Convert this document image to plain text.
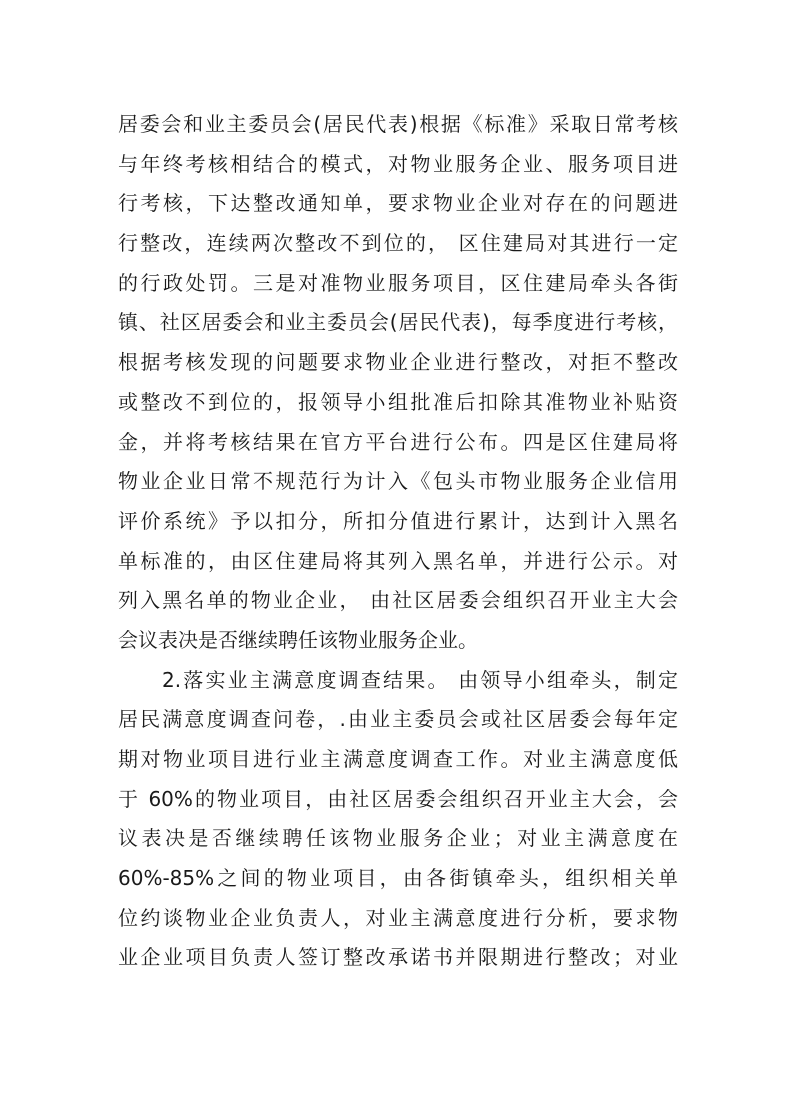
居委会和业主委员会(居民代表)根据《标准》采取日常考核
与年终考核相结合的模式，对物业服务企业、服务项目进
行考核，下达整改通知单，要求物业企业对存在的问题进
行整改，连续两次整改不到位的， 区住建局对其进行一定
的行政处罚。三是对准物业服务项目，区住建局牵头各街
镇、社区居委会和业主委员会(居民代表)，每季度进行考核，
根据考核发现的问题要求物业企业进行整改，对拒不整改
或整改不到位的，报领导小组批准后扣除其准物业补贴资
金，并将考核结果在官方平台进行公布。四是区住建局将
物业企业日常不规范行为计入《包头市物业服务企业信用
评价系统》予以扣分，所扣分值进行累计，达到计入黑名
单标准的，由区住建局将其列入黑名单，并进行公示。对
列入黑名单的物业企业， 由社区居委会组织召开业主大会
会议表决是否继续聘任该物业服务企业。
2.落实业主满意度调查结果。 由领导小组牵头，制定
居民满意度调查问卷，.由业主委员会或社区居委会每年定
期对物业项目进行业主满意度调查工作。对业主满意度低
于 60%的物业项目，由社区居委会组织召开业主大会，会
议表决是否继续聘任该物业服务企业；对业主满意度在
60%-85%之间的物业项目，由各街镇牵头，组织相关单
位约谈物业企业负责人，对业主满意度进行分析，要求物
业企业项目负责人签订整改承诺书并限期进行整改；对业
